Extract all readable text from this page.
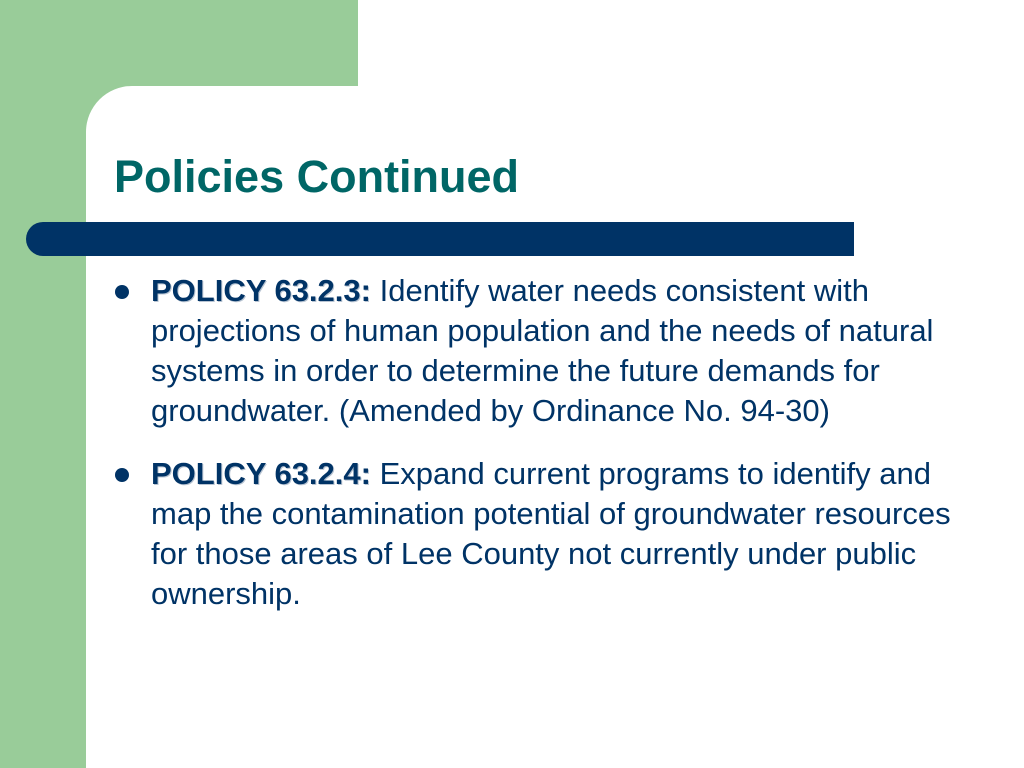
Policies Continued
POLICY 63.2.3: Identify water needs consistent with projections of human population and the needs of natural systems in order to determine the future demands for groundwater. (Amended by Ordinance No. 94-30)
POLICY 63.2.4: Expand current programs to identify and map the contamination potential of groundwater resources for those areas of Lee County not currently under public ownership.
